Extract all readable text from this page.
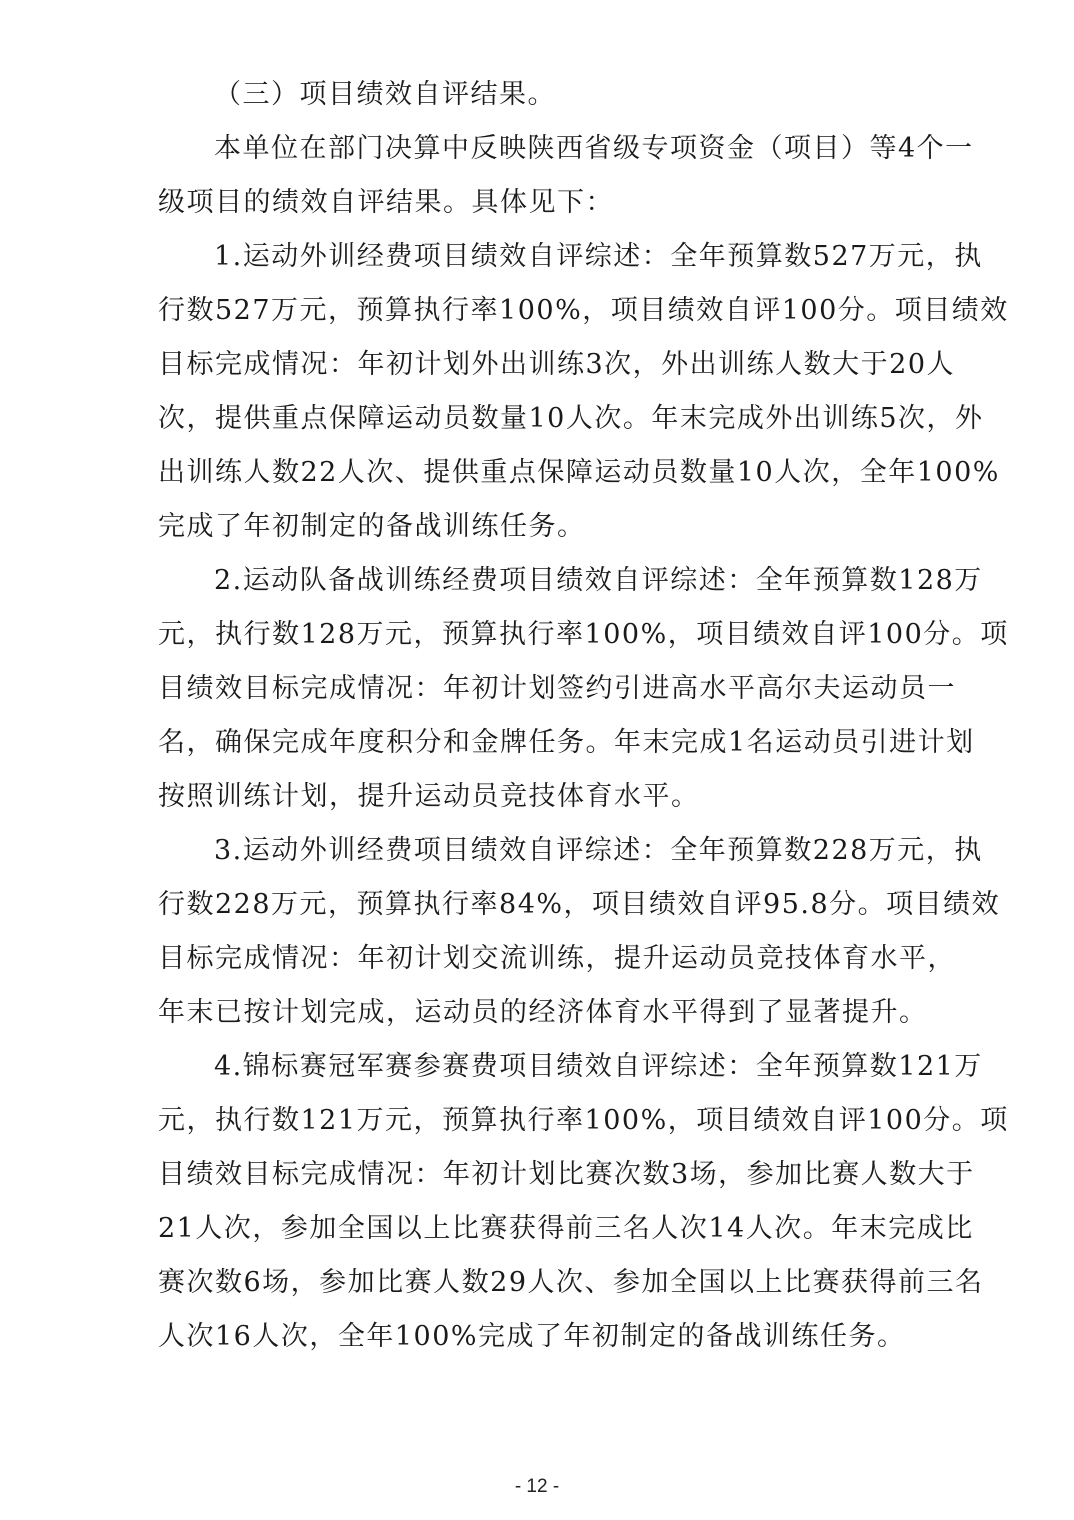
（三）项目绩效自评结果。
本单位在部门决算中反映陕西省级专项资金（项目）等4个一
级项目的绩效自评结果。具体见下：
1.运动外训经费项目绩效自评综述：全年预算数527万元，执
行数527万元，预算执行率100%，项目绩效自评100分。项目绩效
目标完成情况：年初计划外出训练3次，外出训练人数大于20人
次，提供重点保障运动员数量10人次。年末完成外出训练5次，外
出训练人数22人次、提供重点保障运动员数量10人次，全年100%
完成了年初制定的备战训练任务。
2.运动队备战训练经费项目绩效自评综述：全年预算数128万
元，执行数128万元，预算执行率100%，项目绩效自评100分。项
目绩效目标完成情况：年初计划签约引进高水平高尔夫运动员一
名，确保完成年度积分和金牌任务。年末完成1名运动员引进计划
按照训练计划，提升运动员竞技体育水平。
3.运动外训经费项目绩效自评综述：全年预算数228万元，执
行数228万元，预算执行率84%，项目绩效自评95.8分。项目绩效
目标完成情况：年初计划交流训练，提升运动员竞技体育水平，
年末已按计划完成，运动员的经济体育水平得到了显著提升。
4.锦标赛冠军赛参赛费项目绩效自评综述：全年预算数121万
元，执行数121万元，预算执行率100%，项目绩效自评100分。项
目绩效目标完成情况：年初计划比赛次数3场，参加比赛人数大于
21人次，参加全国以上比赛获得前三名人次14人次。年末完成比
赛次数6场，参加比赛人数29人次、参加全国以上比赛获得前三名
人次16人次，全年100%完成了年初制定的备战训练任务。
- 12 -
